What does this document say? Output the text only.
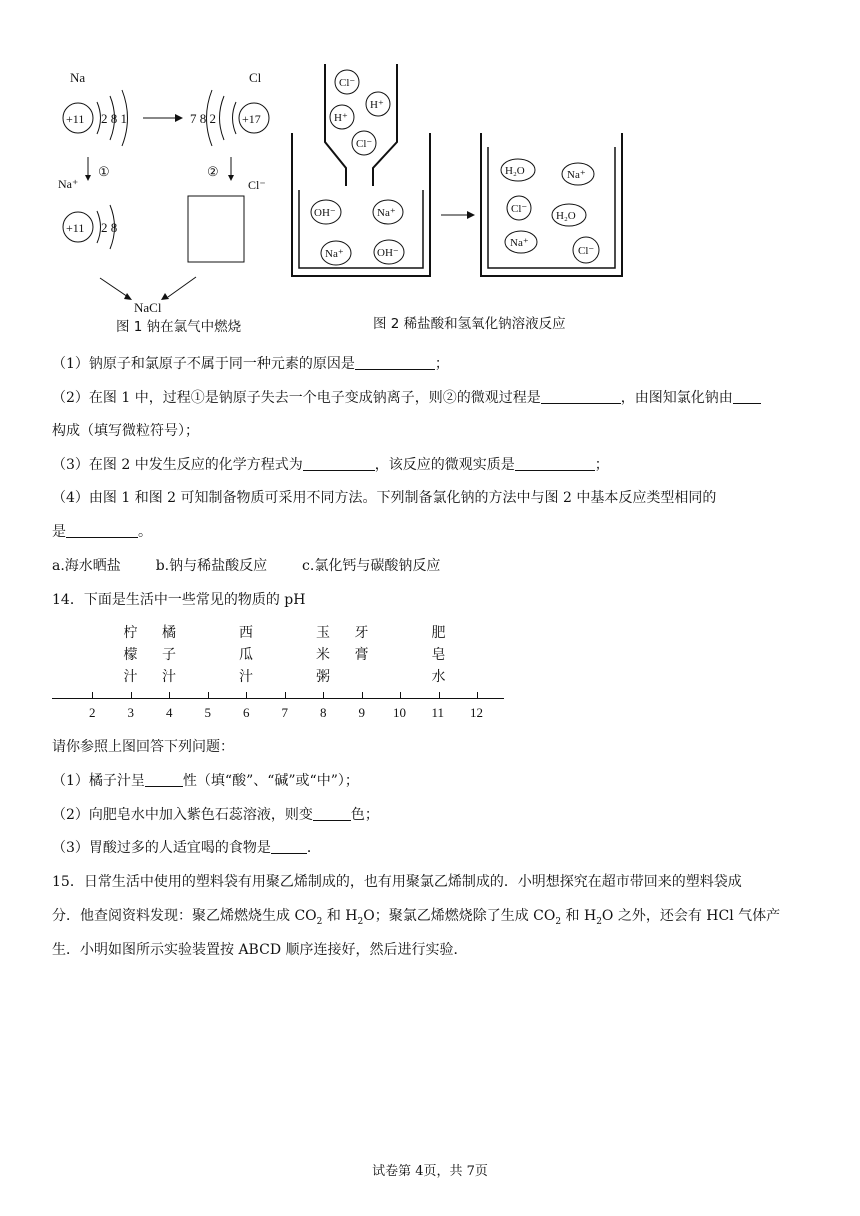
Na
+11 2 8 1
Cl
7 8 2 +17
Na⁺
①	②
Cl⁻
+11 2 8
NaCl
图 1 钠在氯气中燃烧
Cl⁻
H⁺
H⁺
Cl⁻
OH⁻	Na⁺
Na⁺	OH⁻
H₂O	Na⁺
Cl⁻
H₂O
Na⁺
Cl⁻
图 2 稀盐酸和氢氧化钠溶液反应
（1）钠原子和氯原子不属于同一种元素的原因是	；
（2）在图 1 中，过程①是钠原子失去一个电子变成钠离子，则②的微观过程是	，由图知氯化钠由
构成（填写微粒符号）；
（3）在图 2 中发生反应的化学方程式为	，该反应的微观实质是	；
（4）由图 1 和图 2 可知制备物质可采用不同方法。下列制备氯化钠的方法中与图 2 中基本反应类型相同的
是	。
a.海水晒盐 b.钠与稀盐酸反应 c.氯化钙与碳酸钠反应
14．下面是生活中一些常见的物质的 pH
柠
檬
汁
橘
子
汁
西
瓜
汁
玉
米
粥
牙
膏
肥
皂
水
2 3 4 5 6 7 8 9 10 11 12
请你参照上图回答下列问题：
（1）橘子汁呈	性（填“酸”、“碱”或“中”）；
（2）向肥皂水中加入紫色石蕊溶液，则变	色；
（3）胃酸过多的人适宜喝的食物是	．
15．日常生活中使用的塑料袋有用聚乙烯制成的，也有用聚氯乙烯制成的．小明想探究在超市带回来的塑料袋成
分．他查阅资料发现：聚乙烯燃烧生成 $CO_2$ 和 $H_2O$；聚氯乙烯燃烧除了生成 $CO_2$ 和 $H_2O$ 之外，还会有 HCl 气体产
生．小明如图所示实验装置按 ABCD 顺序连接好，然后进行实验．
试卷第 4页，共 7页
